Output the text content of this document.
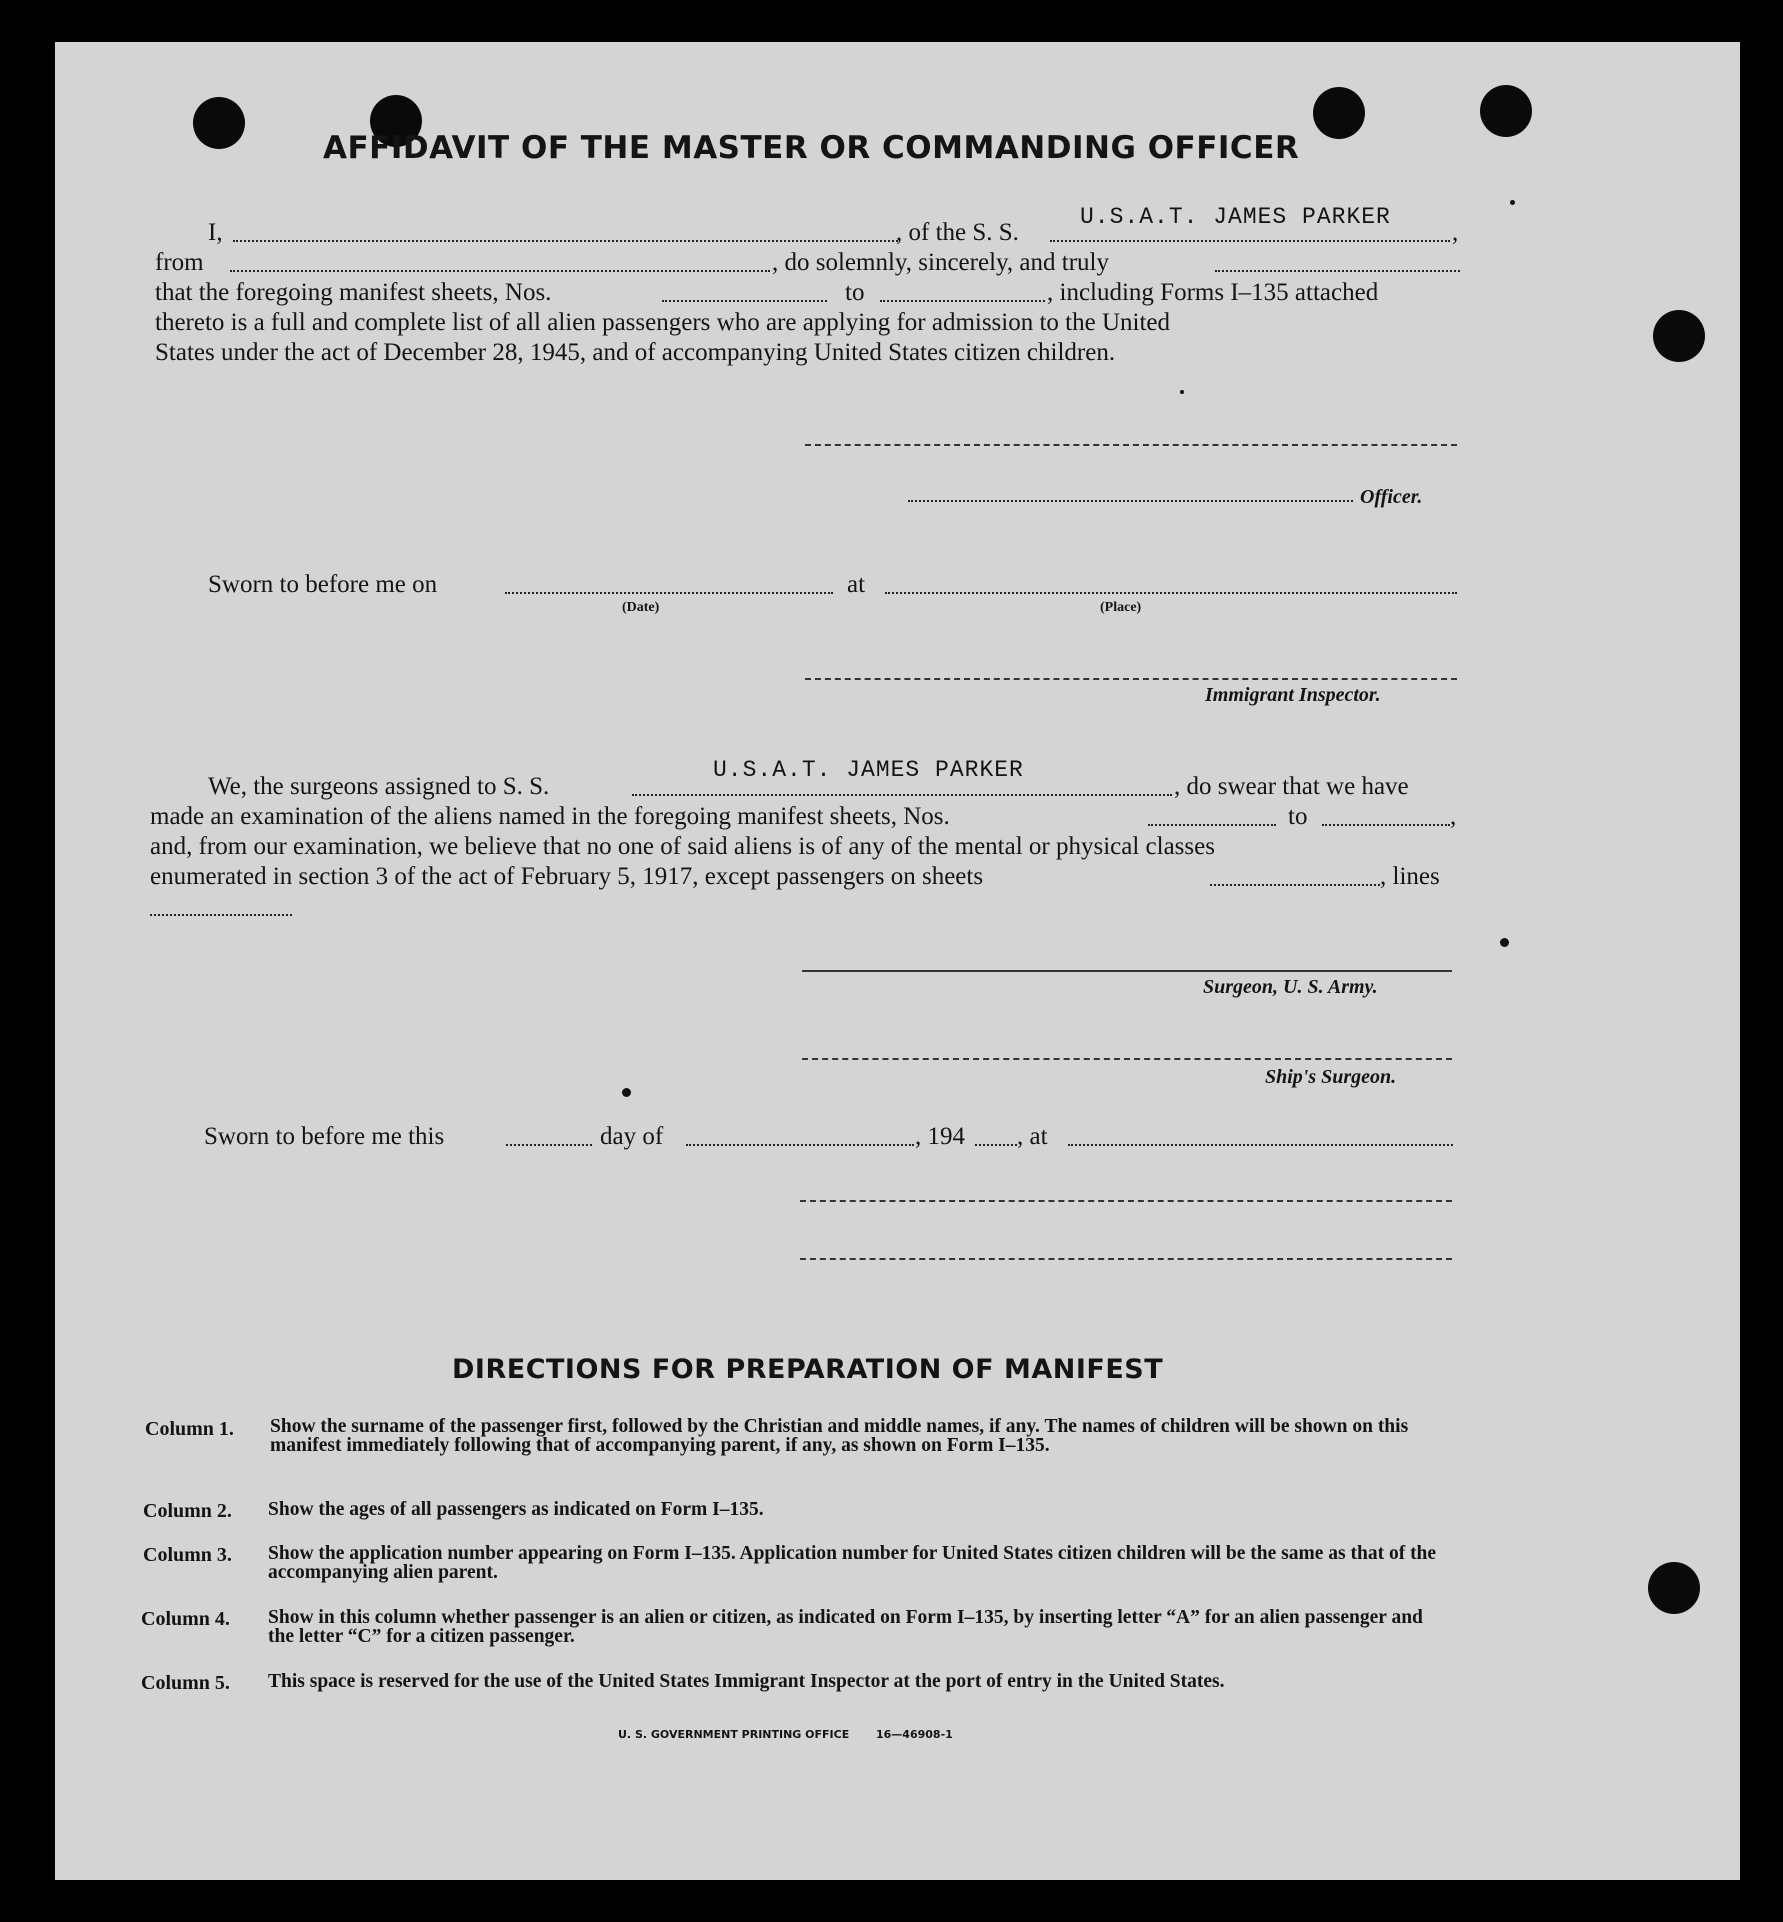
AFFIDAVIT OF THE MASTER OR COMMANDING OFFICER
I,	, of the S. S.
U.S.A.T. JAMES PARKER
,
from	, do solemnly, sincerely, and truly
that the foregoing manifest sheets, Nos.	to	, including Forms I–135 attached
thereto is a full and complete list of all alien passengers who are applying for admission to the United
States under the act of December 28, 1945, and of accompanying United States citizen children.
Officer.
Sworn to before me on	at
(Date)	(Place)
Immigrant Inspector.
We, the surgeons assigned to S. S.
U.S.A.T. JAMES PARKER
, do swear that we have
made an examination of the aliens named in the foregoing manifest sheets, Nos.	to	,
and, from our examination, we believe that no one of said aliens is of any of the mental or physical classes
enumerated in section 3 of the act of February 5, 1917, except passengers on sheets	, lines
Surgeon, U. S. Army.
Ship's Surgeon.
Sworn to before me this	day of	, 194 , at
DIRECTIONS FOR PREPARATION OF MANIFEST
Column 1. Show the surname of the passenger first, followed by the Christian and middle names, if any. The names of children will be shown on this manifest immediately following that of accompanying parent, if any, as shown on Form I–135.
Column 2. Show the ages of all passengers as indicated on Form I–135.
Column 3. Show the application number appearing on Form I–135. Application number for United States citizen children will be the same as that of the accompanying alien parent.
Column 4. Show in this column whether passenger is an alien or citizen, as indicated on Form I–135, by inserting letter “A” for an alien passenger and the letter “C” for a citizen passenger.
Column 5. This space is reserved for the use of the United States Immigrant Inspector at the port of entry in the United States.
U. S. GOVERNMENT PRINTING OFFICE 16—46908-1
